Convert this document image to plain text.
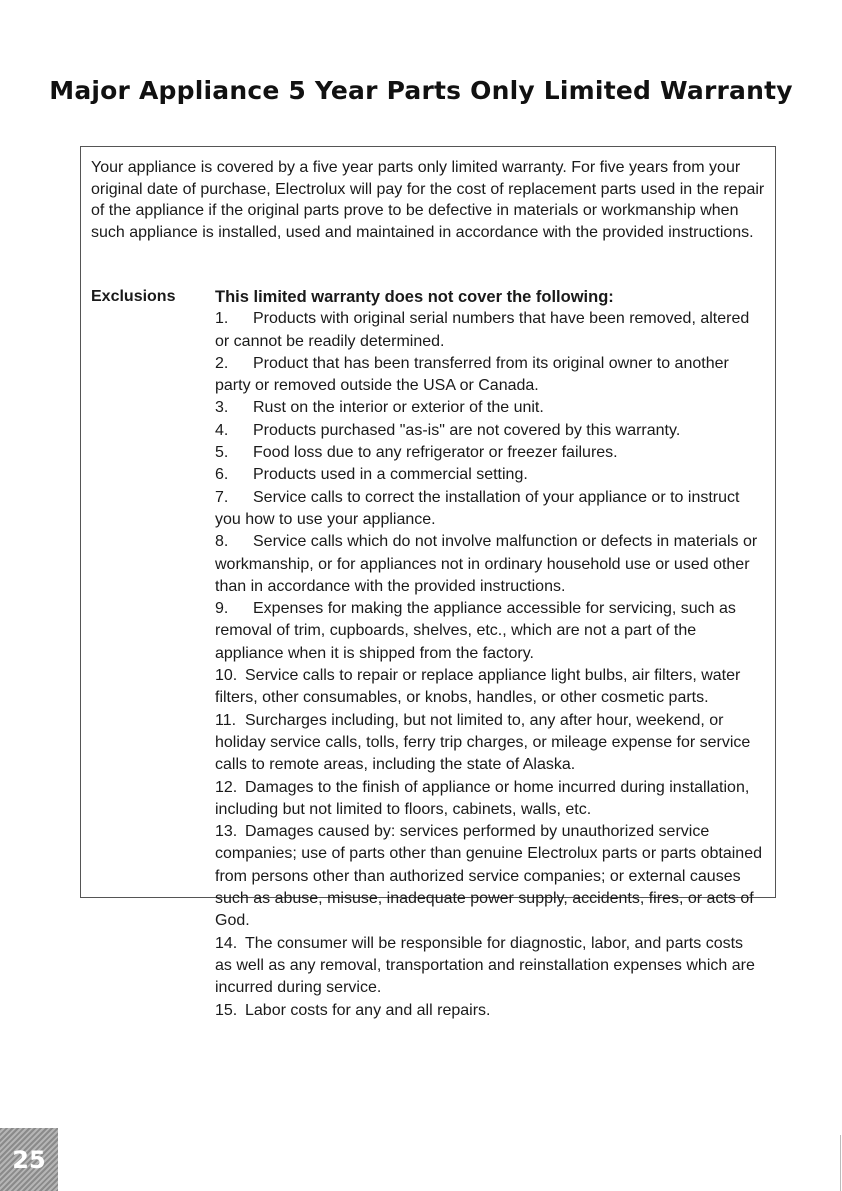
Major Appliance 5 Year Parts Only Limited Warranty
Your appliance is covered by a five year parts only limited warranty. For five years from your original date of purchase, Electrolux will pay for the cost of replacement parts used in the repair of the appliance if the original parts prove to be defective in materials or workmanship when such appliance is installed, used and maintained in accordance with the provided instructions.
Exclusions This limited warranty does not cover the following:

1. Products with original serial numbers that have been removed, altered or cannot be readily determined.

2. Product that has been transferred from its original owner to another party or removed outside the USA or Canada.

3. Rust on the interior or exterior of the unit.

4. Products purchased "as-is" are not covered by this warranty.

5. Food loss due to any refrigerator or freezer failures.

6. Products used in a commercial setting.

7. Service calls to correct the installation of your appliance or to instruct you how to use your appliance.

8. Service calls which do not involve malfunction or defects in materials or workmanship, or for appliances not in ordinary household use or used other than in accordance with the provided instructions.

9. Expenses for making the appliance accessible for servicing, such as removal of trim, cupboards, shelves, etc., which are not a part of the appliance when it is shipped from the factory.

10. Service calls to repair or replace appliance light bulbs, air filters, water filters, other consumables, or knobs, handles, or other cosmetic parts.

11. Surcharges including, but not limited to, any after hour, weekend, or holiday service calls, tolls, ferry trip charges, or mileage expense for service calls to remote areas, including the state of Alaska.

12. Damages to the finish of appliance or home incurred during installation, including but not limited to floors, cabinets, walls, etc.

13. Damages caused by: services performed by unauthorized service companies; use of parts other than genuine Electrolux parts or parts obtained from persons other than authorized service companies; or external causes such as abuse, misuse, inadequate power supply, accidents, fires, or acts of God.

14. The consumer will be responsible for diagnostic, labor, and parts costs as well as any removal, transportation and reinstallation expenses which are incurred during service.

15. Labor costs for any and all repairs.

25
